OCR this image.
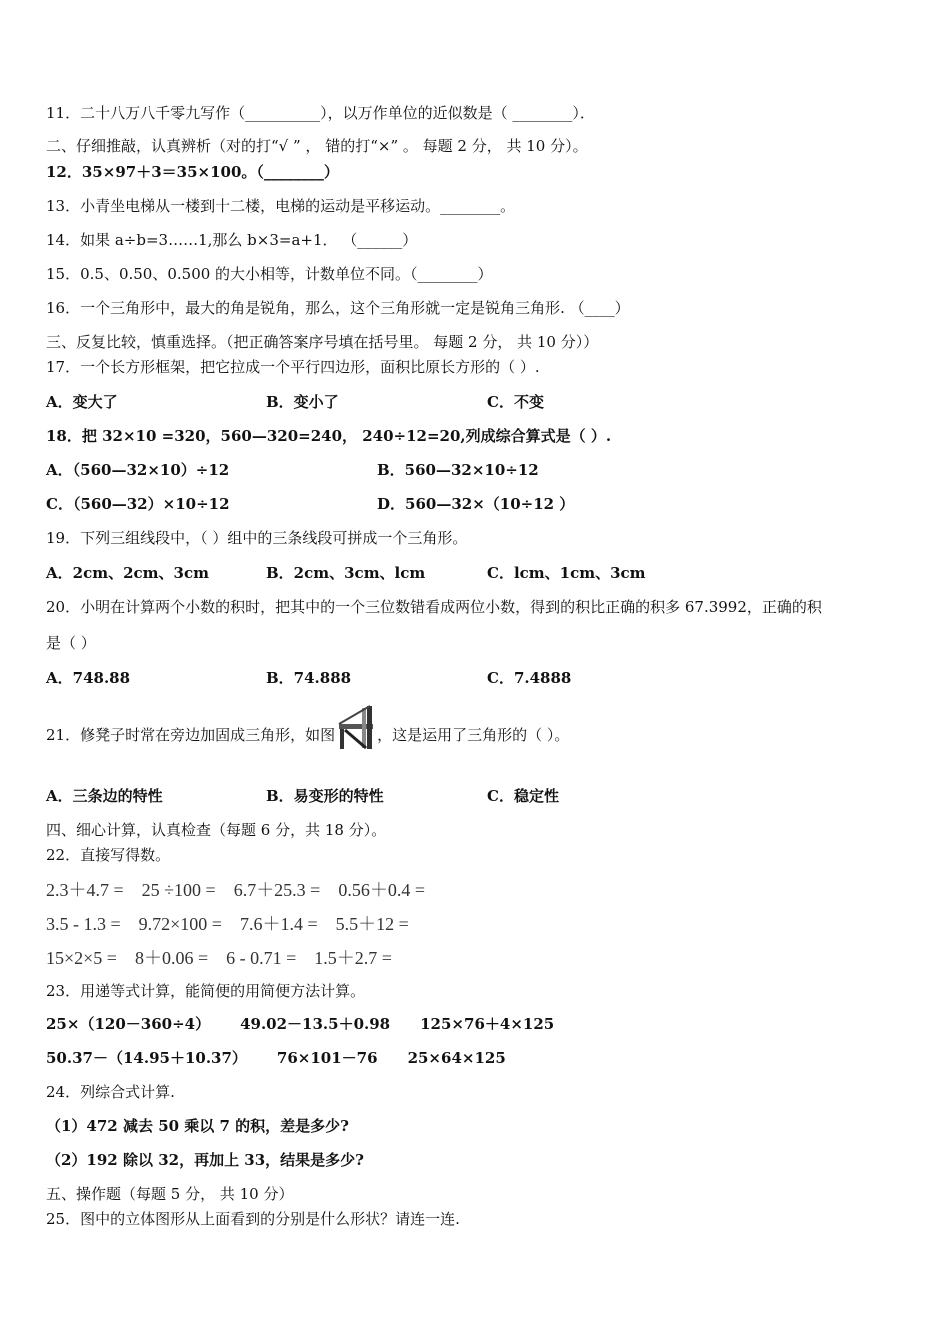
11．二十八万八千零九写作（__________），以万作单位的近似数是（ ________）．
二、仔细推敲，认真辨析（对的打“√ ” ， 错的打“×” 。 每题 2 分， 共 10 分）。
12．35×97＋3＝35×100。（________）
13．小青坐电梯从一楼到十二楼，电梯的运动是平移运动。________。
14．如果 a÷b=3……1,那么 b×3=a+1． （______）
15．0.5、0.50、0.500 的大小相等，计数单位不同。（________）
16．一个三角形中，最大的角是锐角，那么，这个三角形就一定是锐角三角形. （____）
三、反复比较，慎重选择。（把正确答案序号填在括号里。 每题 2 分， 共 10 分））
17．一个长方形框架，把它拉成一个平行四边形，面积比原长方形的（ ）.
A．变大了	B．变小了	C．不变
18．把 32×10 =320，560—320=240， 240÷12=20,列成综合算式是（ ）.
A．（560—32×10）÷12	B．560—32×10÷12
C．（560—32）×10÷12	D．560—32×（10÷12 ）
19．下列三组线段中，（ ）组中的三条线段可拼成一个三角形。
A．2cm、2cm、3cm	B．2cm、3cm、lcm	C．lcm、1cm、3cm
20．小明在计算两个小数的积时，把其中的一个三位数错看成两位小数，得到的积比正确的积多 67.3992，正确的积
是（ ）
A．748.88	B．74.888	C．7.4888
21．修凳子时常在旁边加固成三角形，如图	，这是运用了三角形的（ ）。
A．三条边的特性	B．易变形的特性	C．稳定性
四、细心计算，认真检查（每题 6 分，共 18 分）。
22．直接写得数。
2.3＋4.7 = 25 ÷100 = 6.7＋25.3 = 0.56＋0.4 =
3.5 - 1.3 = 9.72×100 = 7.6＋1.4 = 5.5＋12 =
15×2×5 = 8＋0.06 = 6 - 0.71 = 1.5＋2.7 =
23．用递等式计算，能简便的用简便方法计算。
25×（120－360÷4） 49.02－13.5＋0.98 125×76＋4×125
50.37－（14.95＋10.37） 76×101－76 25×64×125
24．列综合式计算.
（1）472 减去 50 乘以 7 的积，差是多少?
（2）192 除以 32，再加上 33，结果是多少?
五、操作题（每题 5 分， 共 10 分）
25．图中的立体图形从上面看到的分别是什么形状？请连一连.
